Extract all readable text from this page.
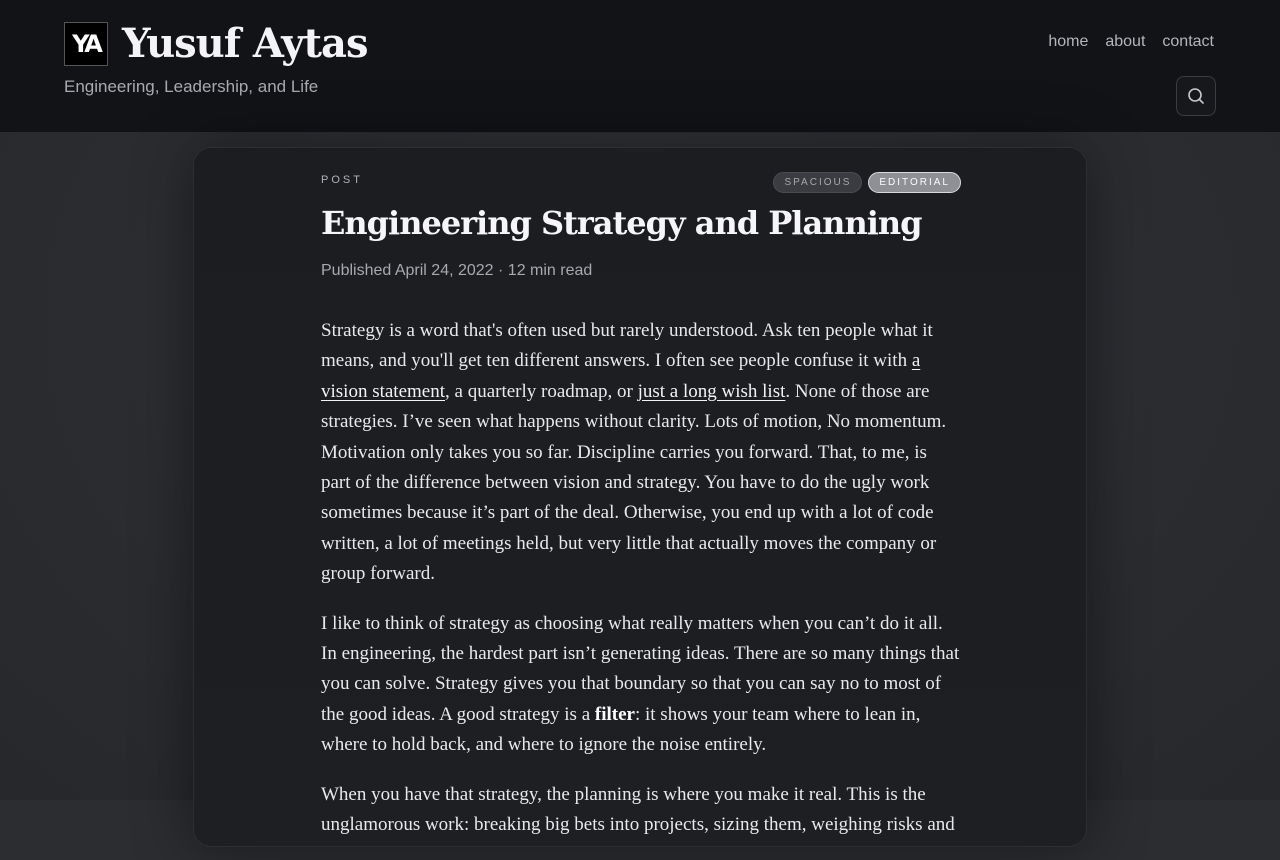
YA Yusuf Aytas
Engineering, Leadership, and Life
home about contact
POST	SPACIOUS	EDITORIAL
Engineering Strategy and Planning
Published April 24, 2022 · 12 min read

Strategy is a word that's often used but rarely understood. Ask ten people what it means, and you'll get ten different answers. I often see people confuse it with a vision statement, a quarterly roadmap, or just a long wish list. None of those are strategies. I’ve seen what happens without clarity. Lots of motion, No momentum. Motivation only takes you so far. Discipline carries you forward. That, to me, is part of the difference between vision and strategy. You have to do the ugly work sometimes because it’s part of the deal. Otherwise, you end up with a lot of code written, a lot of meetings held, but very little that actually moves the company or group forward.

I like to think of strategy as choosing what really matters when you can’t do it all. In engineering, the hardest part isn’t generating ideas. There are so many things that you can solve. Strategy gives you that boundary so that you can say no to most of the good ideas. A good strategy is a filter: it shows your team where to lean in, where to hold back, and where to ignore the noise entirely.

When you have that strategy, the planning is where you make it real. This is the unglamorous work: breaking big bets into projects, sizing them, weighing risks and
